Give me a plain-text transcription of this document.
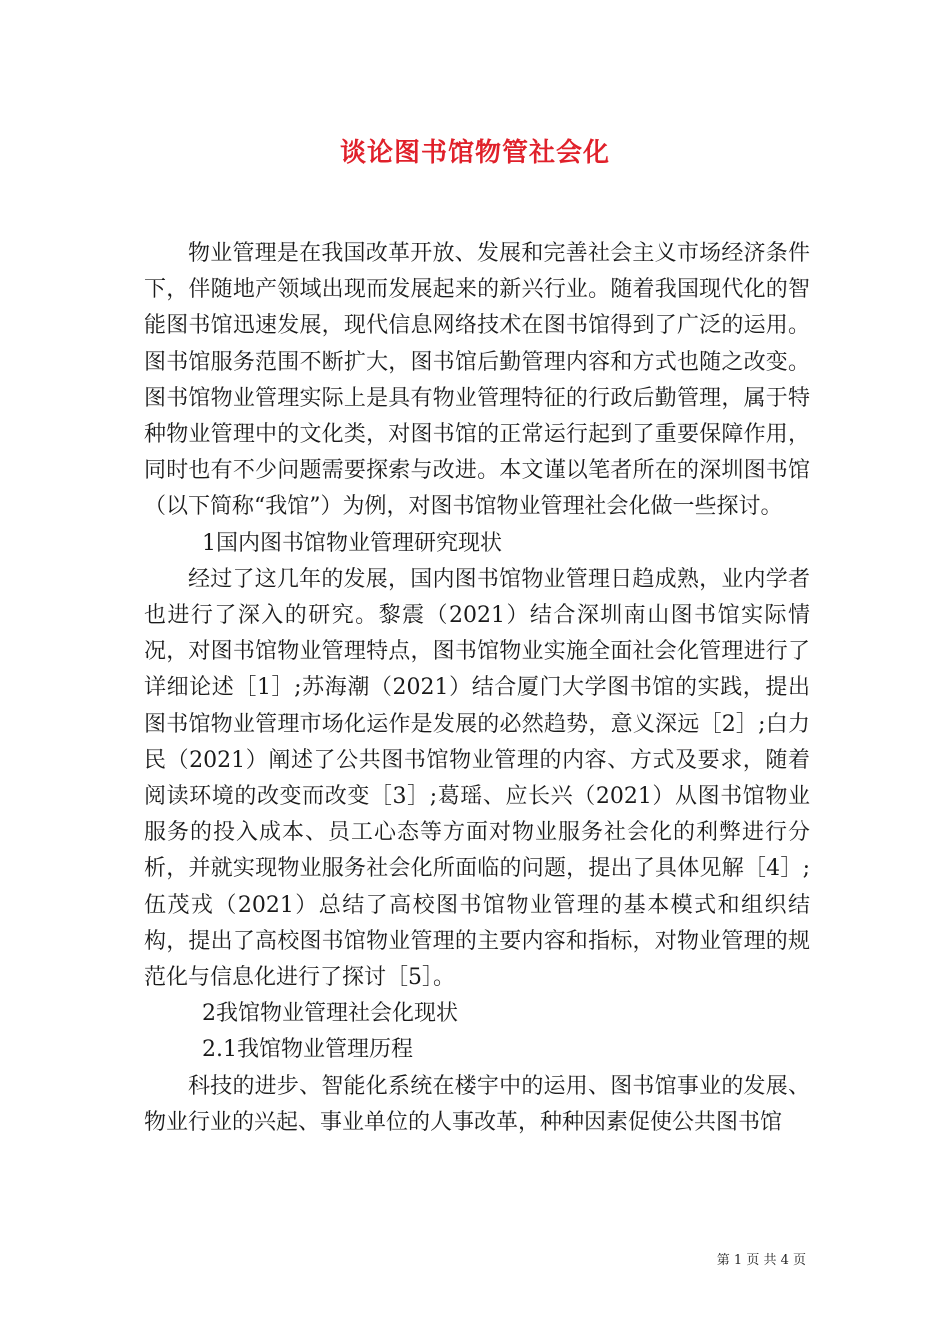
谈论图书馆物管社会化

物业管理是在我国改革开放、发展和完善社会主义市场经济条件下，伴随地产领域出现而发展起来的新兴行业。随着我国现代化的智能图书馆迅速发展，现代信息网络技术在图书馆得到了广泛的运用。图书馆服务范围不断扩大，图书馆后勤管理内容和方式也随之改变。图书馆物业管理实际上是具有物业管理特征的行政后勤管理，属于特种物业管理中的文化类，对图书馆的正常运行起到了重要保障作用，同时也有不少问题需要探索与改进。本文谨以笔者所在的深圳图书馆（以下简称“我馆”）为例，对图书馆物业管理社会化做一些探讨。

1国内图书馆物业管理研究现状

经过了这几年的发展，国内图书馆物业管理日趋成熟，业内学者也进行了深入的研究。黎震（2021）结合深圳南山图书馆实际情况，对图书馆物业管理特点，图书馆物业实施全面社会化管理进行了详细论述［1］;苏海潮（2021）结合厦门大学图书馆的实践，提出图书馆物业管理市场化运作是发展的必然趋势，意义深远［2］;白力民（2021）阐述了公共图书馆物业管理的内容、方式及要求，随着阅读环境的改变而改变［3］;葛瑶、应长兴（2021）从图书馆物业服务的投入成本、员工心态等方面对物业服务社会化的利弊进行分析，并就实现物业服务社会化所面临的问题，提出了具体见解［4］;伍茂戎（2021）总结了高校图书馆物业管理的基本模式和组织结构，提出了高校图书馆物业管理的主要内容和指标，对物业管理的规范化与信息化进行了探讨［5］。

2我馆物业管理社会化现状

2.1我馆物业管理历程

科技的进步、智能化系统在楼宇中的运用、图书馆事业的发展、物业行业的兴起、事业单位的人事改革，种种因素促使公共图书馆

第 1 页 共 4 页
